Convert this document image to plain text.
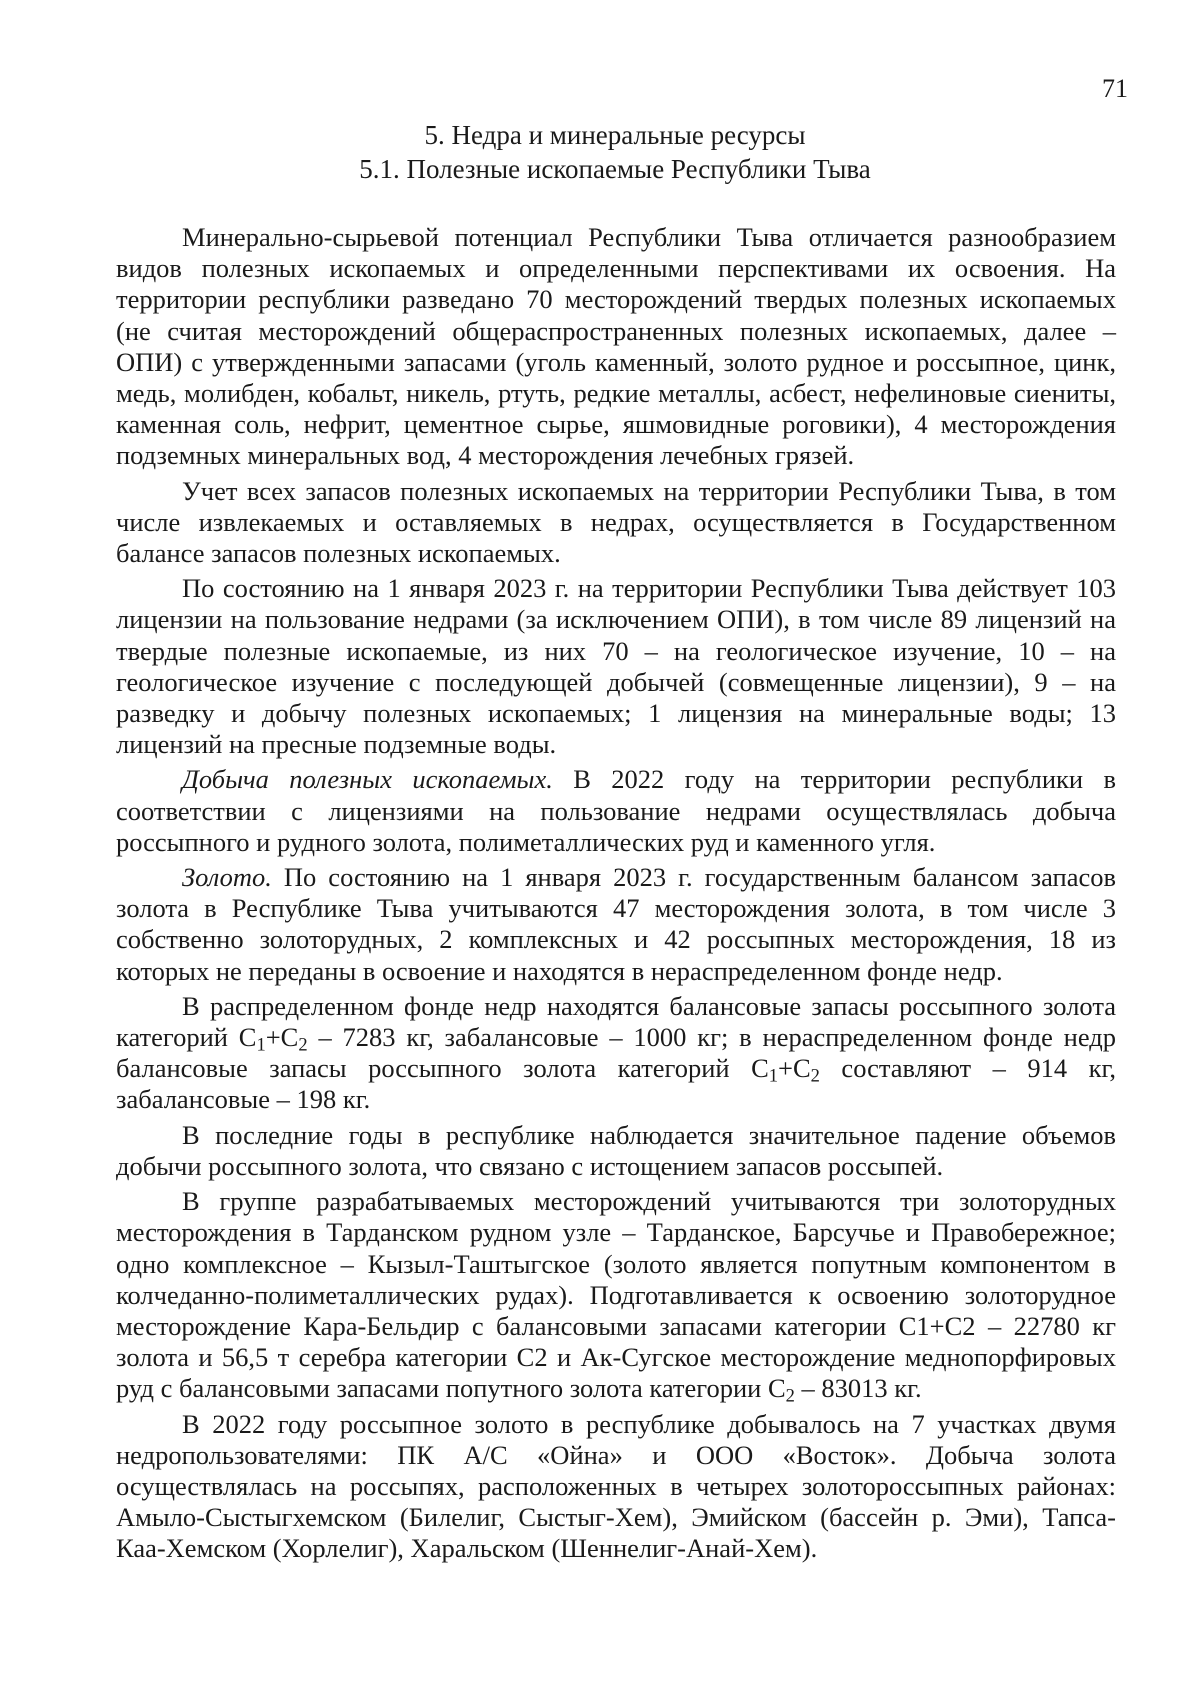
71
5. Недра и минеральные ресурсы
5.1. Полезные ископаемые Республики Тыва

Минерально-сырьевой потенциал Республики Тыва отличается разнообразием видов полезных ископаемых и определенными перспективами их освоения. На территории республики разведано 70 месторождений твердых полезных ископаемых (не считая месторождений общераспространенных полезных ископаемых, далее – ОПИ) с утвержденными запасами (уголь каменный, золото рудное и россыпное, цинк, медь, молибден, кобальт, никель, ртуть, редкие металлы, асбест, нефелиновые сиениты, каменная соль, нефрит, цементное сырье, яшмовидные роговики), 4 месторождения подземных минеральных вод, 4 месторождения лечебных грязей.

Учет всех запасов полезных ископаемых на территории Республики Тыва, в том числе извлекаемых и оставляемых в недрах, осуществляется в Государственном балансе запасов полезных ископаемых.

По состоянию на 1 января 2023 г. на территории Республики Тыва действует 103 лицензии на пользование недрами (за исключением ОПИ), в том числе 89 лицензий на твердые полезные ископаемые, из них 70 – на геологическое изучение, 10 – на геологическое изучение с последующей добычей (совмещенные лицензии), 9 – на разведку и добычу полезных ископаемых; 1 лицензия на минеральные воды; 13 лицензий на пресные подземные воды.

Добыча полезных ископаемых. В 2022 году на территории республики в соответствии с лицензиями на пользование недрами осуществлялась добыча россыпного и рудного золота, полиметаллических руд и каменного угля.

Золото. По состоянию на 1 января 2023 г. государственным балансом запасов золота в Республике Тыва учитываются 47 месторождения золота, в том числе 3 собственно золоторудных, 2 комплексных и 42 россыпных месторождения, 18 из которых не переданы в освоение и находятся в нераспределенном фонде недр.

В распределенном фонде недр находятся балансовые запасы россыпного золота категорий $С_1+С_2 - 7283$ кг, забалансовые – 1000 кг; в нераспределенном фонде недр балансовые запасы россыпного золота категорий $С_1+С_2$ составляют – 914 кг, забалансовые – 198 кг.

В последние годы в республике наблюдается значительное падение объемов добычи россыпного золота, что связано с истощением запасов россыпей.

В группе разрабатываемых месторождений учитываются три золоторудных месторождения в Тарданском рудном узле – Тарданское, Барсучье и Правобережное; одно комплексное – Кызыл-Таштыгское (золото является попутным компонентом в колчеданно-полиметаллических рудах). Подготавливается к освоению золоторудное месторождение Кара-Бельдир с балансовыми запасами категории С1+С2 – 22780 кг золота и 56,5 т серебра категории С2 и Ак-Сугское месторождение меднопорфировых руд с балансовыми запасами попутного золота категории $С_2 - 83013$ кг.

В 2022 году россыпное золото в республике добывалось на 7 участках двумя недропользователями: ПК А/С «Ойна» и ООО «Восток». Добыча золота осуществлялась на россыпях, расположенных в четырех золотороссыпных районах: Амыло-Сыстыгхемском (Билелиг, Сыстыг-Хем), Эмийском (бассейн р. Эми), Тапса-Каа-Хемском (Хорлелиг), Харальском (Шеннелиг-Анай-Хем).
